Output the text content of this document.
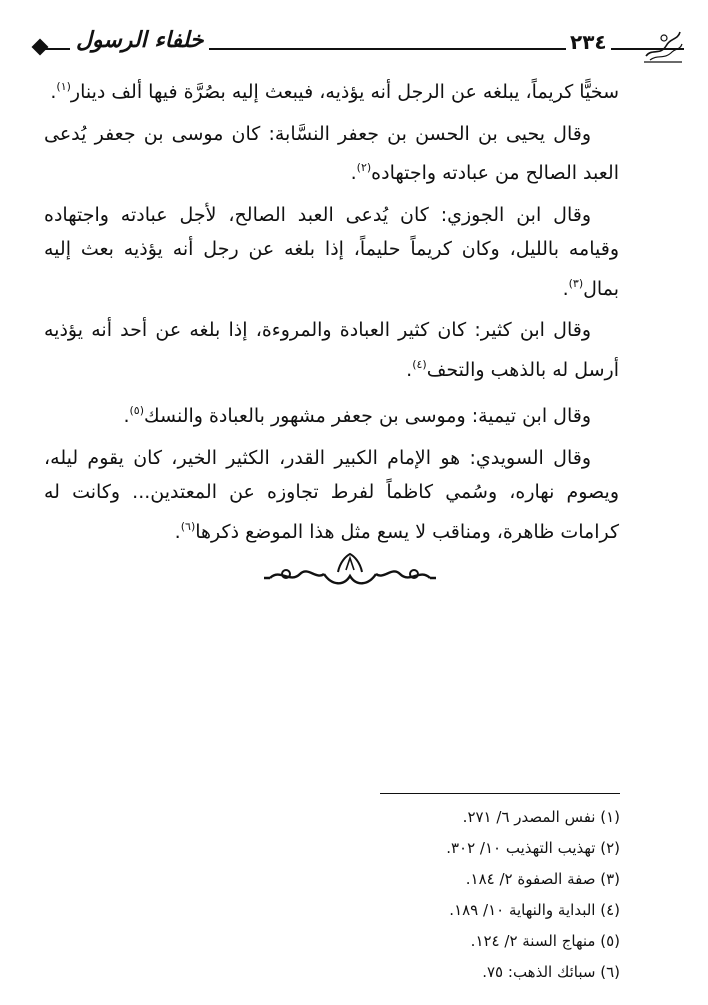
خلفاء الرسول	٢٣٤

سخيًّا كريماً، يبلغه عن الرجل أنه يؤذيه، فيبعث إليه بصُرَّة فيها ألف دينار$^{(١)}$.

وقال يحيى بن الحسن بن جعفر النسَّابة: كان موسى بن جعفر يُدعى العبد الصالح من عبادته واجتهاده$^{(٢)}$.

وقال ابن الجوزي: كان يُدعى العبد الصالح، لأجل عبادته واجتهاده وقيامه بالليل، وكان كريماً حليماً، إذا بلغه عن رجل أنه يؤذيه بعث إليه بمال$^{(٣)}$.

وقال ابن كثير: كان كثير العبادة والمروءة، إذا بلغه عن أحد أنه يؤذيه أرسل له بالذهب والتحف$^{(٤)}$.

وقال ابن تيمية: وموسى بن جعفر مشهور بالعبادة والنسك$^{(٥)}$.

وقال السويدي: هو الإمام الكبير القدر، الكثير الخير، كان يقوم ليله، ويصوم نهاره، وسُمي كاظماً لفرط تجاوزه عن المعتدين... وكانت له كرامات ظاهرة، ومناقب لا يسع مثل هذا الموضع ذكرها$^{(٦)}$.

(١) نفس المصدر ٦/ ٢٧١.
(٢) تهذيب التهذيب ١٠/ ٣٠٢.
(٣) صفة الصفوة ٢/ ١٨٤.
(٤) البداية والنهاية ١٠/ ١٨٩.
(٥) منهاج السنة ٢/ ١٢٤.
(٦) سبائك الذهب: ٧٥.
